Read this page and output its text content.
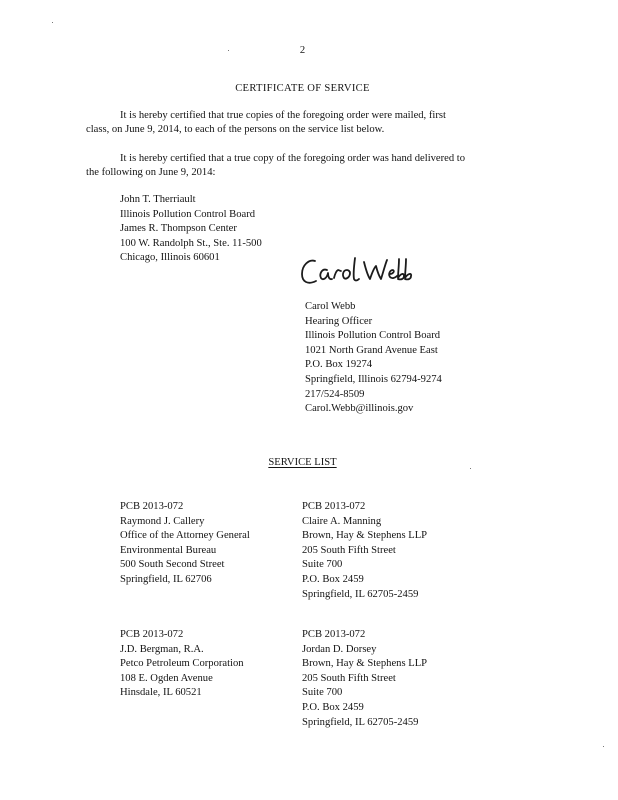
2
CERTIFICATE OF SERVICE
It is hereby certified that true copies of the foregoing order were mailed, first
class, on June 9, 2014, to each of the persons on the service list below.
It is hereby certified that a true copy of the foregoing order was hand delivered to
the following on June 9, 2014:
John T. Therriault
Illinois Pollution Control Board
James R. Thompson Center
100 W. Randolph St., Ste. 11-500
Chicago, Illinois 60601
Carol Webb
Hearing Officer
Illinois Pollution Control Board
1021 North Grand Avenue East
P.O. Box 19274
Springfield, Illinois 62794-9274
217/524-8509
Carol.Webb@illinois.gov
SERVICE LIST
PCB 2013-072
Raymond J. Callery
Office of the Attorney General
Environmental Bureau
500 South Second Street
Springfield, IL 62706
PCB 2013-072
Claire A. Manning
Brown, Hay & Stephens LLP
205 South Fifth Street
Suite 700
P.O. Box 2459
Springfield, IL 62705-2459
PCB 2013-072
J.D. Bergman, R.A.
Petco Petroleum Corporation
108 E. Ogden Avenue
Hinsdale, IL 60521
PCB 2013-072
Jordan D. Dorsey
Brown, Hay & Stephens LLP
205 South Fifth Street
Suite 700
P.O. Box 2459
Springfield, IL 62705-2459
